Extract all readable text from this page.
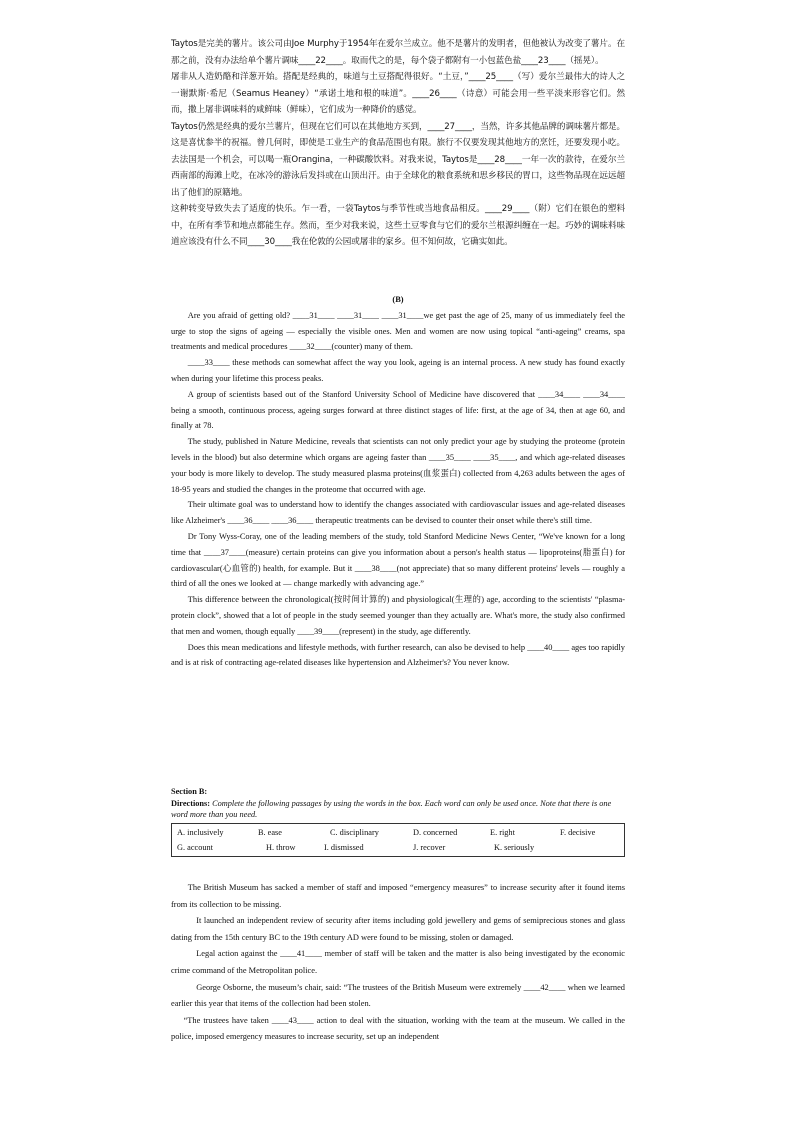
Taytos是完美的薯片。该公司由Joe Murphy于1954年在爱尔兰成立。他不是薯片的发明者，但他被认为改变了薯片。在那之前，没有办法给单个薯片调味____22____。取而代之的是，每个袋子都附有一小包蓝色盐____23____（摇晃）。

屠非从人造奶酪和洋葱开始。搭配是经典的，味道与土豆搭配得很好。“土豆，”____25____（写）爱尔兰最伟大的诗人之一谢默斯·希尼（Seamus Heaney）“承诺土地和根的味道”。____26____（诗意）可能会用一些平淡来形容它们。然而，撒上屠非调味料的咸鲜味（鲜味），它们成为一种降价的感觉。

Taytos仍然是经典的爱尔兰薯片，但现在它们可以在其他地方买到，____27____，当然，许多其他品牌的调味薯片都是。这是喜忧参半的祝福。曾几何时，即使是工业生产的食品范围也有限。旅行不仅要发现其他地方的烹饪，还要发现小吃。去法国是一个机会，可以喝一瓶Orangina，一种碳酸饮料。对我来说，Taytos是____28____一年一次的款待，在爱尔兰西南部的海滩上吃，在冰冷的游泳后发抖或在山顶出汗。由于全球化的粮食系统和思乡移民的胃口，这些物品现在远远超出了他们的原籍地。

这种转变导致失去了适度的快乐。乍一看，一袋Taytos与季节性或当地食品相反。____29____（附）它们在银色的塑料中，在所有季节和地点都能生存。然而，至少对我来说，这些土豆零食与它们的爱尔兰根源纠缠在一起。巧妙的调味料味道应该没有什么不同____30____我在伦敦的公园或屠非的家乡。但不知何故，它确实如此。

(B)

Are you afraid of getting old? ____31____ ____31____ ____31____we get past the age of 25, many of us immediately feel the urge to stop the signs of ageing — especially the visible ones. Men and women are now using topical “anti-ageing” creams, spa treatments and medical procedures ____32____(counter) many of them.

____33____ these methods can somewhat affect the way you look, ageing is an internal process. A new study has found exactly when during your lifetime this process peaks.

A group of scientists based out of the Stanford University School of Medicine have discovered that ____34____ ____34____ being a smooth, continuous process, ageing surges forward at three distinct stages of life: first, at the age of 34, then at age 60, and finally at 78.

The study, published in Nature Medicine, reveals that scientists can not only predict your age by studying the proteome (protein levels in the blood) but also determine which organs are ageing faster than ____35____ ____35____, and which age-related diseases your body is more likely to develop. The study measured plasma proteins(血浆蛋白) collected from 4,263 adults between the ages of 18-95 years and studied the changes in the proteome that occurred with age.

Their ultimate goal was to understand how to identify the changes associated with cardiovascular issues and age-related diseases like Alzheimer's ____36____ ____36____ therapeutic treatments can be devised to counter their onset while there's still time.

Dr Tony Wyss-Coray, one of the leading members of the study, told Stanford Medicine News Center, “We've known for a long time that ____37____(measure) certain proteins can give you information about a person's health status — lipoproteins(脂蛋白) for cardiovascular(心血管的) health, for example. But it ____38____(not appreciate) that so many different proteins' levels — roughly a third of all the ones we looked at — change markedly with advancing age.”

This difference between the chronological(按时间计算的) and physiological(生理的) age, according to the scientists' “plasma-protein clock”, showed that a lot of people in the study seemed younger than they actually are. What's more, the study also confirmed that men and women, though equally ____39____(represent) in the study, age differently.

Does this mean medications and lifestyle methods, with further research, can also be devised to help ____40____ ages too rapidly and is at risk of contracting age-related diseases like hypertension and Alzheimer's? You never know.

Section B:
Directions: Complete the following passages by using the words in the box. Each word can only be used once. Note that there is one word more than you need.
A. inclusively	B. ease	C. disciplinary	D. concerned	E. right	F. decisive
G. account	H. throw	I. dismissed	J. recover	K. seriously

The British Museum has sacked a member of staff and imposed “emergency measures” to increase security after it found items from its collection to be missing.

It launched an independent review of security after items including gold jewellery and gems of semiprecious stones and glass dating from the 15th century BC to the 19th century AD were found to be missing, stolen or damaged.

Legal action against the ____41____ member of staff will be taken and the matter is also being investigated by the economic crime command of the Metropolitan police.

George Osborne, the museum’s chair, said: “The trustees of the British Museum were extremely ____42____ when we learned earlier this year that items of the collection had been stolen.

“The trustees have taken ____43____ action to deal with the situation, working with the team at the museum. We called in the police, imposed emergency measures to increase security, set up an independent
